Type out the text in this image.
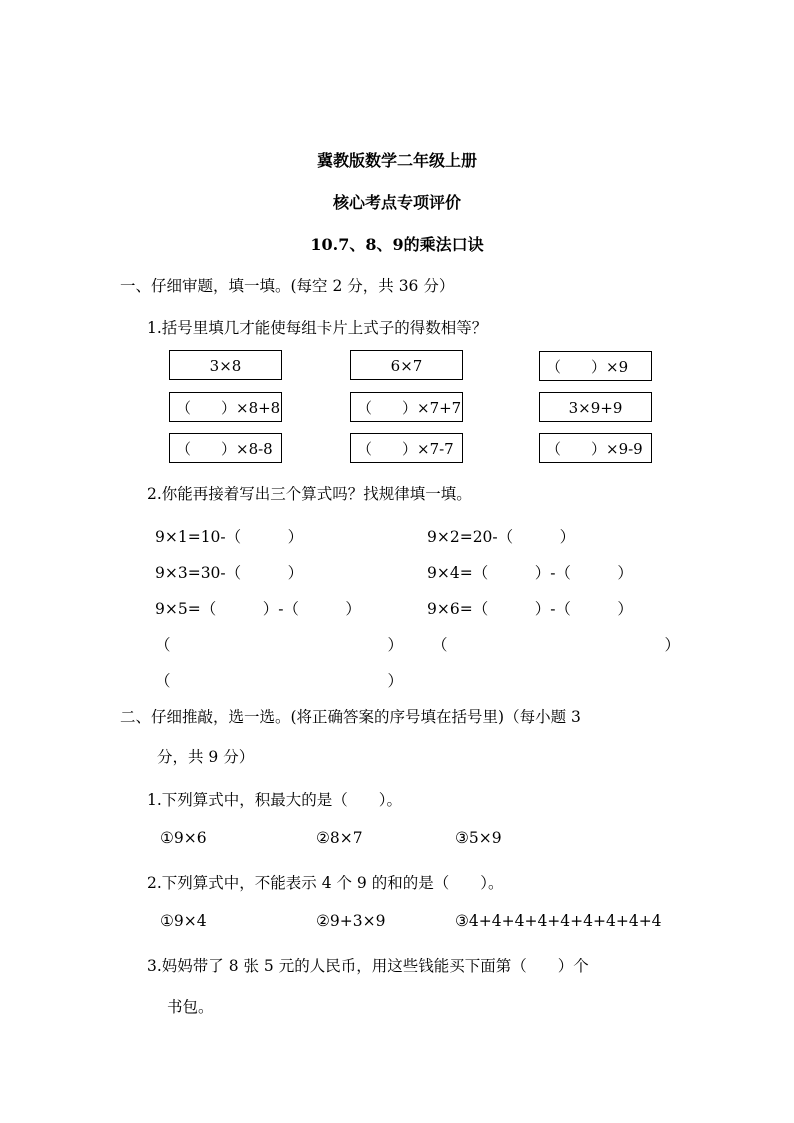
冀教版数学二年级上册
核心考点专项评价
10.7、8、9的乘法口诀
一、仔细审题，填一填。(每空 2 分，共 36 分）
1.括号里填几才能使每组卡片上式子的得数相等？
3×8	6×7	（　　）×9
（　　）×8+8	（　　）×7+7	3×9+9
（　　）×8-8	（　　）×7-7	（　　）×9-9
2.你能再接着写出三个算式吗？找规律填一填。
9×1=10-（　　　）	9×2=20-（　　　）
9×3=30-（　　　）	9×4=（　　　）-（　　　）
9×5=（　　　）-（　　　）	9×6=（　　　）-（　　　）
（　　　　　　　　　　　　　　） （　　　　　　　　　　　　　　）
（　　　　　　　　　　　　　　）
二、仔细推敲，选一选。(将正确答案的序号填在括号里)（每小题 3
分，共 9 分）
1.下列算式中，积最大的是（　　）。
①9×6	②8×7	③5×9
2.下列算式中，不能表示 4 个 9 的和的是（　　）。
①9×4	②9+3×9	③4+4+4+4+4+4+4+4+4
3.妈妈带了 8 张 5 元的人民币，用这些钱能买下面第（　　）个
书包。
